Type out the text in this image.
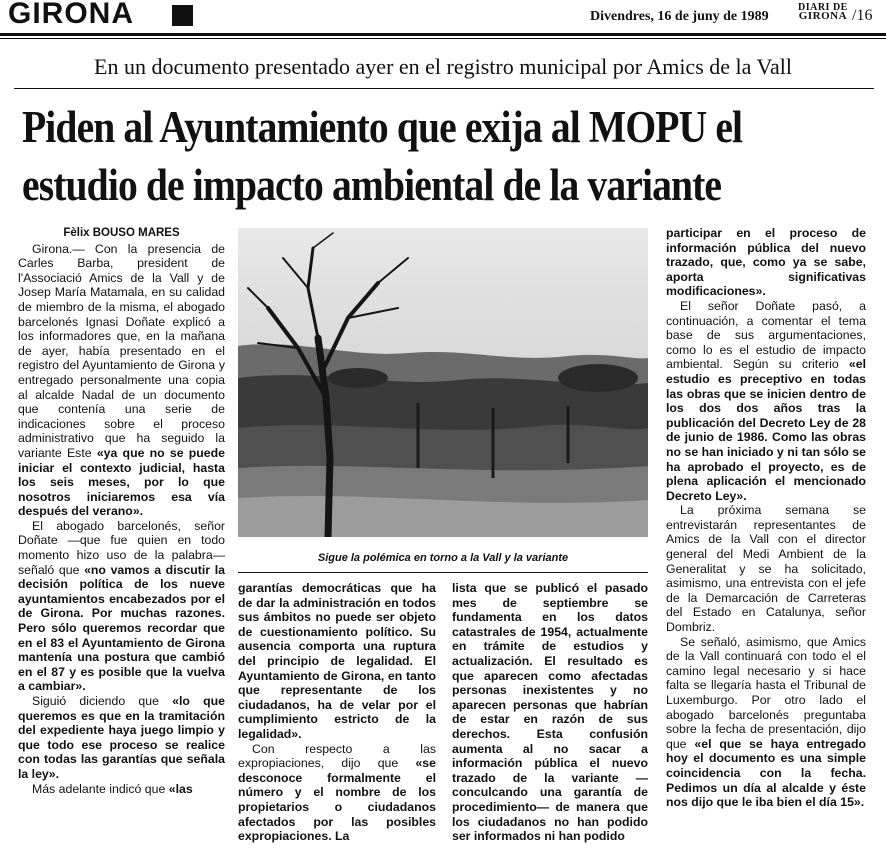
GIRONA	Divendres, 16 de juny de 1989
DIARI DE
GIRONA /16
En un documento presentado ayer en el registro municipal por Amics de la Vall
Piden al Ayuntamiento que exija al MOPU el
estudio de impacto ambiental de la variante
Fèlix BOUSO MARES

Girona.— Con la presencia de Carles Barba, president de l'Associació Amics de la Vall y de Josep María Matamala, en su calidad de miembro de la misma, el abogado barcelonés Ignasi Doñate explicó a los informadores que, en la mañana de ayer, había presentado en el registro del Ayuntamiento de Girona y entregado personalmente una copia al alcalde Nadal de un documento que contenía una serie de indicaciones sobre el proceso administrativo que ha seguido la variante Este «ya que no se puede iniciar el contexto judicial, hasta los seis meses, por lo que nosotros iniciaremos esa vía después del verano».

El abogado barcelonés, señor Doñate —que fue quien en todo momento hizo uso de la palabra— señaló que «no vamos a discutir la decisión política de los nueve ayuntamientos encabezados por el de Girona. Por muchas razones. Pero sólo queremos recordar que en el 83 el Ayuntamiento de Girona mantenía una postura que cambió en el 87 y es posible que la vuelva a cambiar».

Siguió diciendo que «lo que queremos es que en la tramitación del expediente haya juego limpio y que todo ese proceso se realice con todas las garantías que señala la ley».

Más adelante indicó que «las

Sigue la polémica en torno a la Vall y la variante

garantías democráticas que ha de dar la administración en todos sus ámbitos no puede ser objeto de cuestionamiento político. Su ausencia comporta una ruptura del principio de legalidad. El Ayuntamiento de Girona, en tanto que representante de los ciudadanos, ha de velar por el cumplimiento estricto de la legalidad».

Con respecto a las expropiaciones, dijo que «se desconoce formalmente el número y el nombre de los propietarios o ciudadanos afectados por las posibles expropiaciones. La

lista que se publicó el pasado mes de septiembre se fundamenta en los datos catastrales de 1954, actualmente en trámite de estudios y actualización. El resultado es que aparecen como afectadas personas inexistentes y no aparecen personas que habrían de estar en razón de sus derechos. Esta confusión aumenta al no sacar a información pública el nuevo trazado de la variante —conculcando una garantía de procedimiento— de manera que los ciudadanos no han podido ser informados ni han podido

participar en el proceso de información pública del nuevo trazado, que, como ya se sabe, aporta significativas modificaciones».

El señor Doñate pasó, a continuación, a comentar el tema base de sus argumentaciones, como lo es el estudio de impacto ambiental. Según su criterio «el estudio es preceptivo en todas las obras que se inicien dentro de los dos dos años tras la publicación del Decreto Ley de 28 de junio de 1986. Como las obras no se han iniciado y ni tan sólo se ha aprobado el proyecto, es de plena aplicación el mencionado Decreto Ley».

La próxima semana se entrevistarán representantes de Amics de la Vall con el director general del Medi Ambient de la Generalitat y se ha solicitado, asimismo, una entrevista con el jefe de la Demarcación de Carreteras del Estado en Catalunya, señor Dombriz.

Se señaló, asimismo, que Amics de la Vall continuará con todo el el camino legal necesario y si hace falta se llegaría hasta el Tribunal de Luxemburgo. Por otro lado el abogado barcelonés preguntaba sobre la fecha de presentación, dijo que «el que se haya entregado hoy el documento es una simple coincidencia con la fecha. Pedimos un día al alcalde y éste nos dijo que le iba bien el día 15».
